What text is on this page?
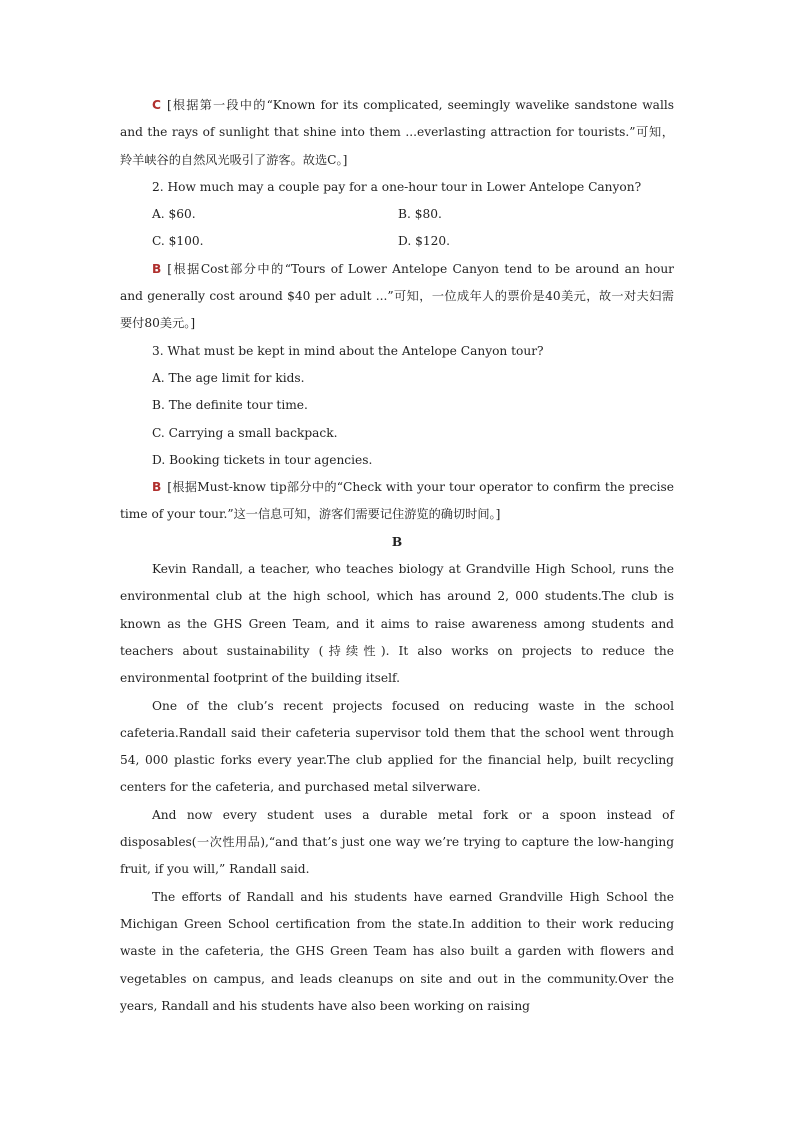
C [根据第一段中的“Known for its complicated, seemingly wavelike sandstone walls and the rays of sunlight that shine into them ...everlasting attraction for tourists.”可知，羚羊峡谷的自然风光吸引了游客。故选C。]

2. How much may a couple pay for a one-hour tour in Lower Antelope Canyon?

A. $60.	B. $80.
C. $100.	D. $120.

B [根据Cost部分中的“Tours of Lower Antelope Canyon tend to be around an hour and generally cost around $40 per adult ...”可知，一位成年人的票价是40美元，故一对夫妇需要付80美元。]

3. What must be kept in mind about the Antelope Canyon tour?

A. The age limit for kids.

B. The definite tour time.

C. Carrying a small backpack.

D. Booking tickets in tour agencies.

B [根据Must-know tip部分中的“Check with your tour operator to confirm the precise time of your tour.”这一信息可知，游客们需要记住游览的确切时间。]

B

Kevin Randall, a teacher, who teaches biology at Grandville High School, runs the environmental club at the high school, which has around 2, 000 students.The club is known as the GHS Green Team, and it aims to raise awareness among students and teachers about sustainability (持续性). It also works on projects to reduce the environmental footprint of the building itself.

One of the club’s recent projects focused on reducing waste in the school cafeteria.Randall said their cafeteria supervisor told them that the school went through 54, 000 plastic forks every year.The club applied for the financial help, built recycling centers for the cafeteria, and purchased metal silverware.

And now every student uses a durable metal fork or a spoon instead of disposables(一次性用品),“and that’s just one way we’re trying to capture the low-hanging fruit, if you will,” Randall said.

The efforts of Randall and his students have earned Grandville High School the Michigan Green School certification from the state.In addition to their work reducing waste in the cafeteria, the GHS Green Team has also built a garden with flowers and vegetables on campus, and leads cleanups on site and out in the community.Over the years, Randall and his students have also been working on raising
